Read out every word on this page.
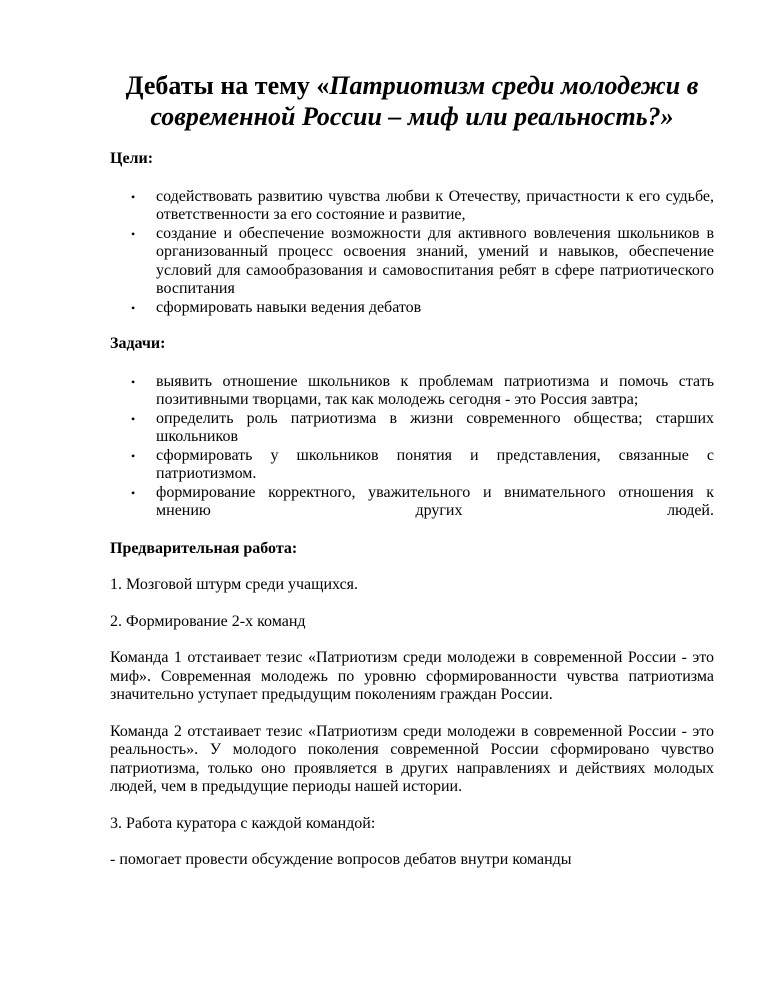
Дебаты на тему «Патриотизм среди молодежи в современной России – миф или реальность?»
Цели:
• содействовать развитию чувства любви к Отечеству, причастности к его судьбе, ответственности за его состояние и развитие,
• создание и обеспечение возможности для активного вовлечения школьников в организованный процесс освоения знаний, умений и навыков, обеспечение условий для самообразования и самовоспитания ребят в сфере патриотического воспитания
• сформировать навыки ведения дебатов
Задачи:
• выявить отношение школьников к проблемам патриотизма и помочь стать позитивными творцами, так как молодежь сегодня - это Россия завтра;
• определить роль патриотизма в жизни современного общества; старших школьников
• сформировать у школьников понятия и представления, связанные с патриотизмом.
• формирование корректного, уважительного и внимательного отношения к мнению других людей.
Предварительная работа:

1. Мозговой штурм среди учащихся.

2. Формирование 2-х команд

Команда 1 отстаивает тезис «Патриотизм среди молодежи в современной России - это миф». Современная молодежь по уровню сформированности чувства патриотизма значительно уступает предыдущим поколениям граждан России.

Команда 2 отстаивает тезис «Патриотизм среди молодежи в современной России - это реальность». У молодого поколения современной России сформировано чувство патриотизма, только оно проявляется в других направлениях и действиях молодых людей, чем в предыдущие периоды нашей истории.

3. Работа куратора с каждой командой:

- помогает провести обсуждение вопросов дебатов внутри команды
